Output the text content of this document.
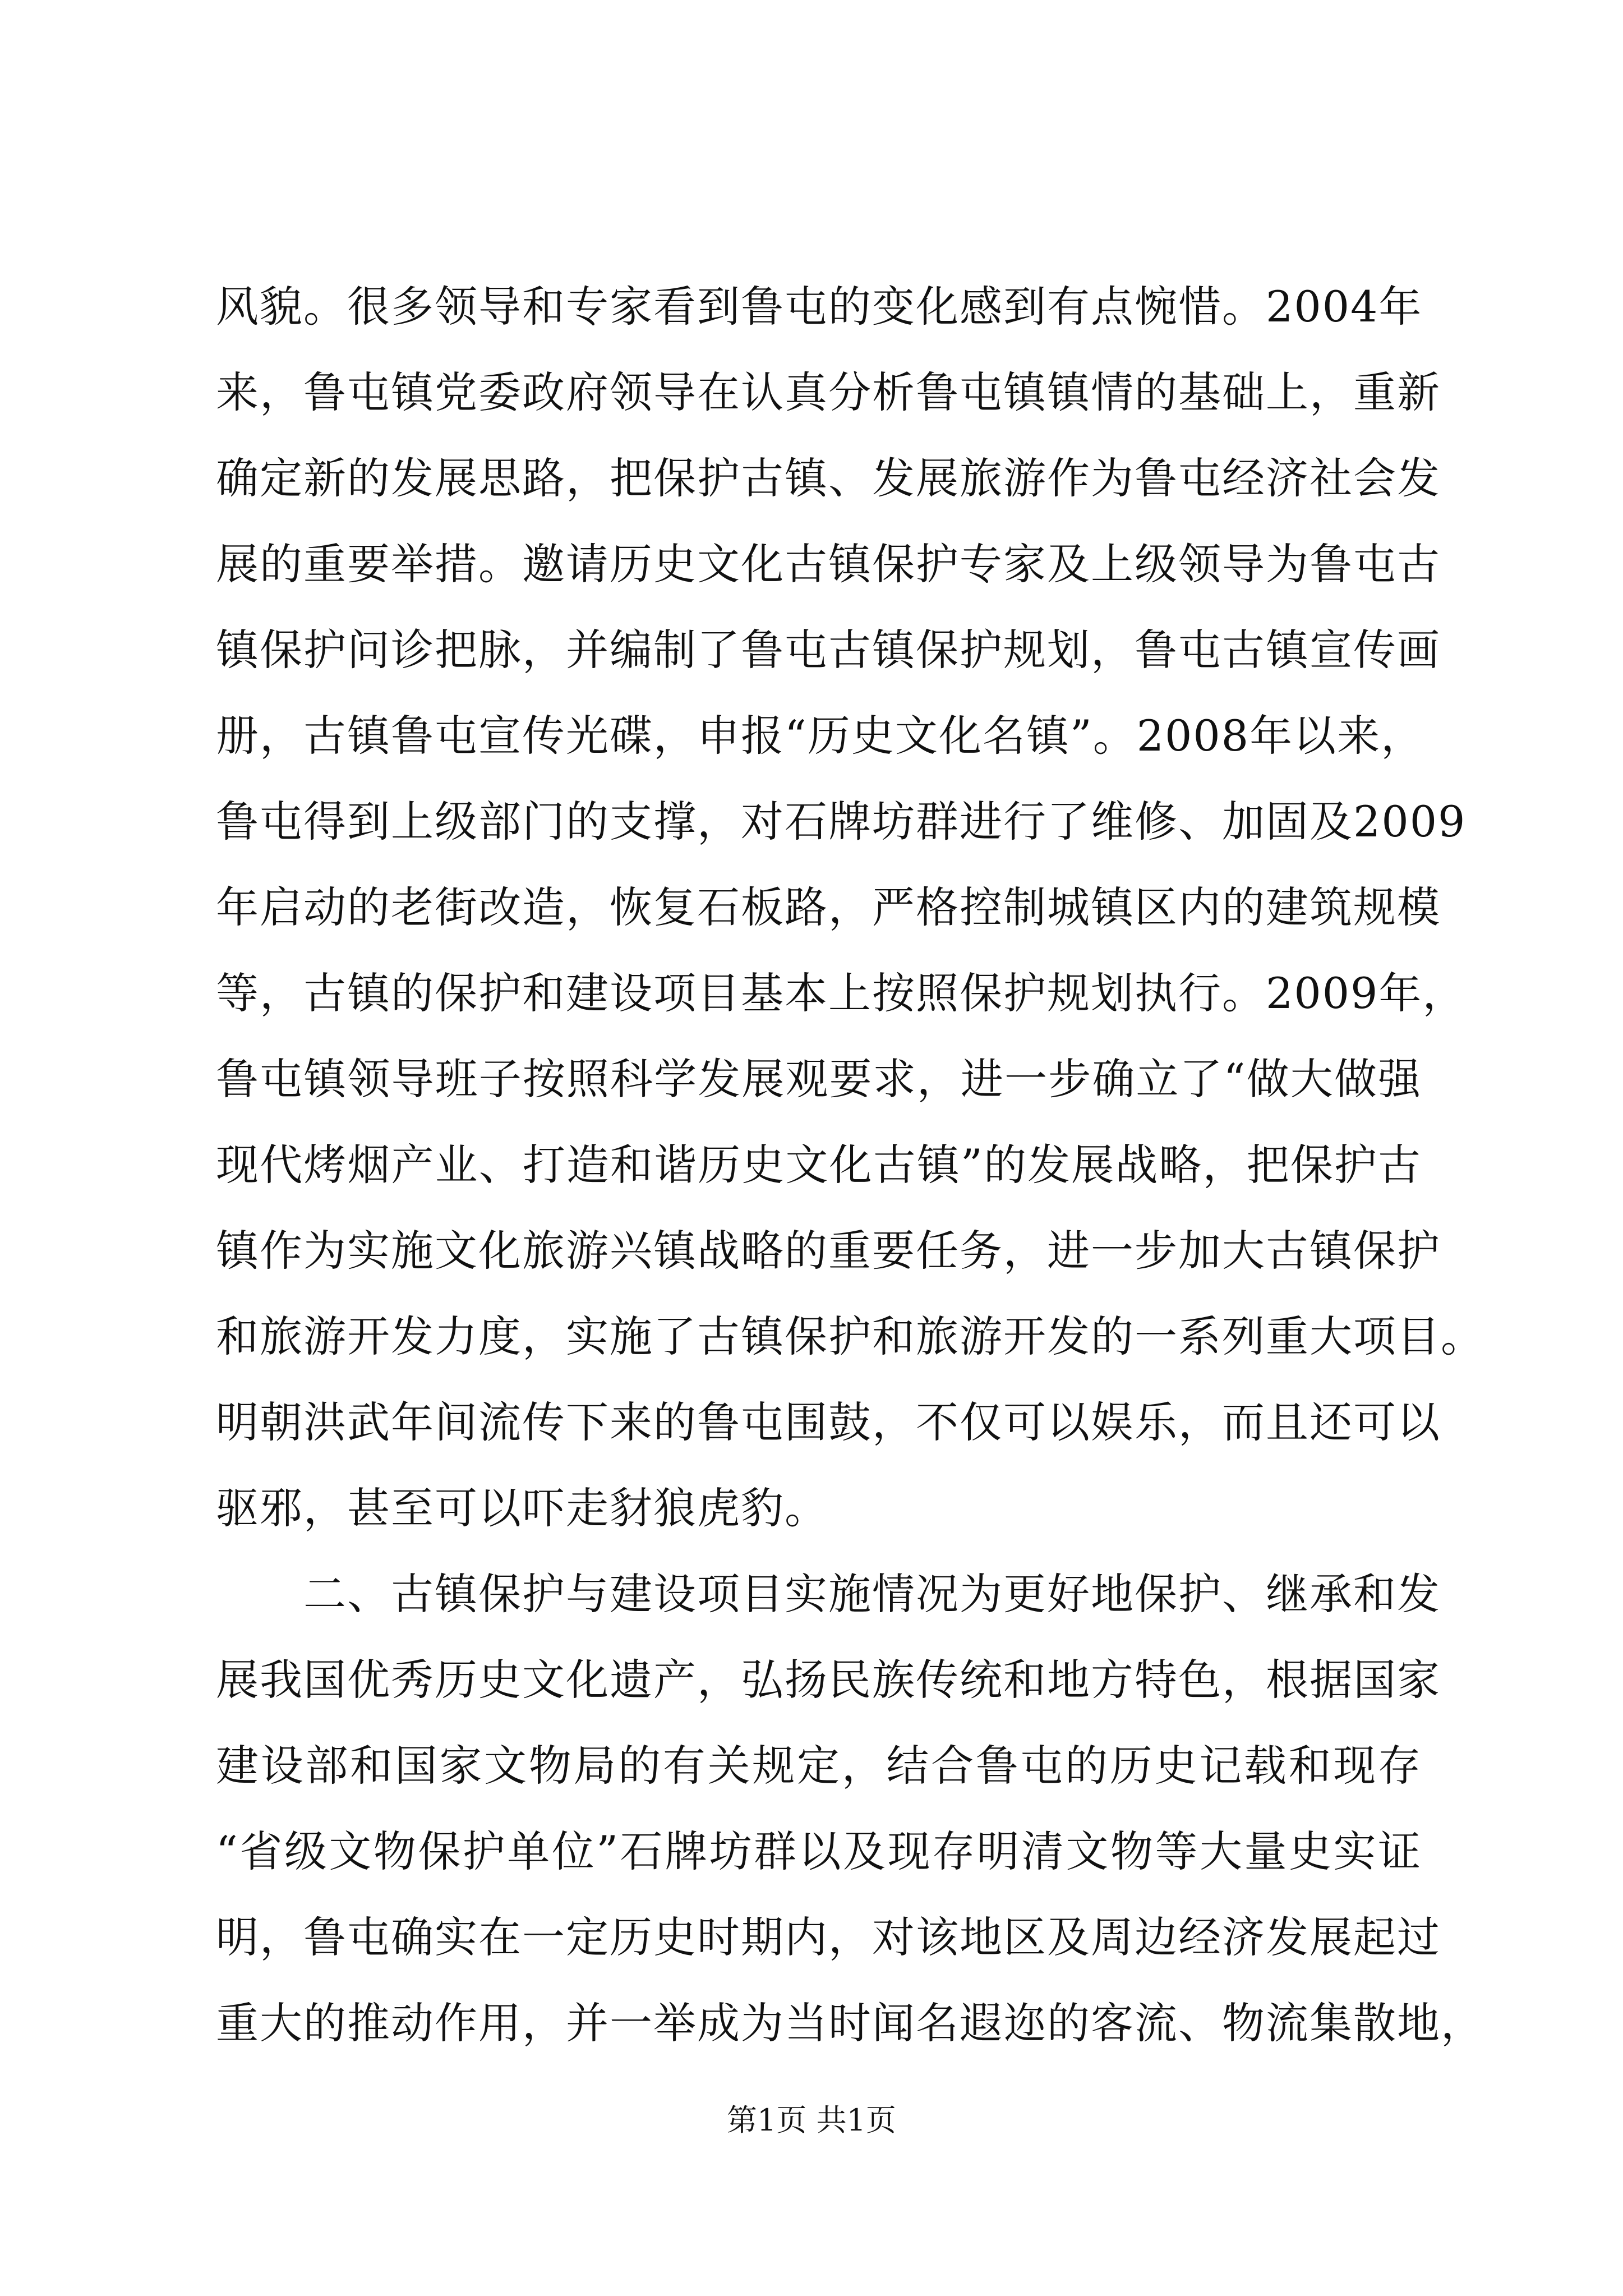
风貌。很多领导和专家看到鲁屯的变化感到有点惋惜。2004年
来，鲁屯镇党委政府领导在认真分析鲁屯镇镇情的基础上，重新
确定新的发展思路，把保护古镇、发展旅游作为鲁屯经济社会发
展的重要举措。邀请历史文化古镇保护专家及上级领导为鲁屯古
镇保护问诊把脉，并编制了鲁屯古镇保护规划，鲁屯古镇宣传画
册，古镇鲁屯宣传光碟，申报“历史文化名镇”。2008年以来，
鲁屯得到上级部门的支撑，对石牌坊群进行了维修、加固及2009
年启动的老街改造，恢复石板路，严格控制城镇区内的建筑规模
等，古镇的保护和建设项目基本上按照保护规划执行。2009年，
鲁屯镇领导班子按照科学发展观要求，进一步确立了“做大做强
现代烤烟产业、打造和谐历史文化古镇”的发展战略，把保护古
镇作为实施文化旅游兴镇战略的重要任务，进一步加大古镇保护
和旅游开发力度，实施了古镇保护和旅游开发的一系列重大项目。
明朝洪武年间流传下来的鲁屯围鼓，不仅可以娱乐，而且还可以
驱邪，甚至可以吓走豺狼虎豹。
　　二、古镇保护与建设项目实施情况为更好地保护、继承和发
展我国优秀历史文化遗产，弘扬民族传统和地方特色，根据国家
建设部和国家文物局的有关规定，结合鲁屯的历史记载和现存
“省级文物保护单位”石牌坊群以及现存明清文物等大量史实证
明，鲁屯确实在一定历史时期内，对该地区及周边经济发展起过
重大的推动作用，并一举成为当时闻名遐迩的客流、物流集散地，
第1页 共1页
